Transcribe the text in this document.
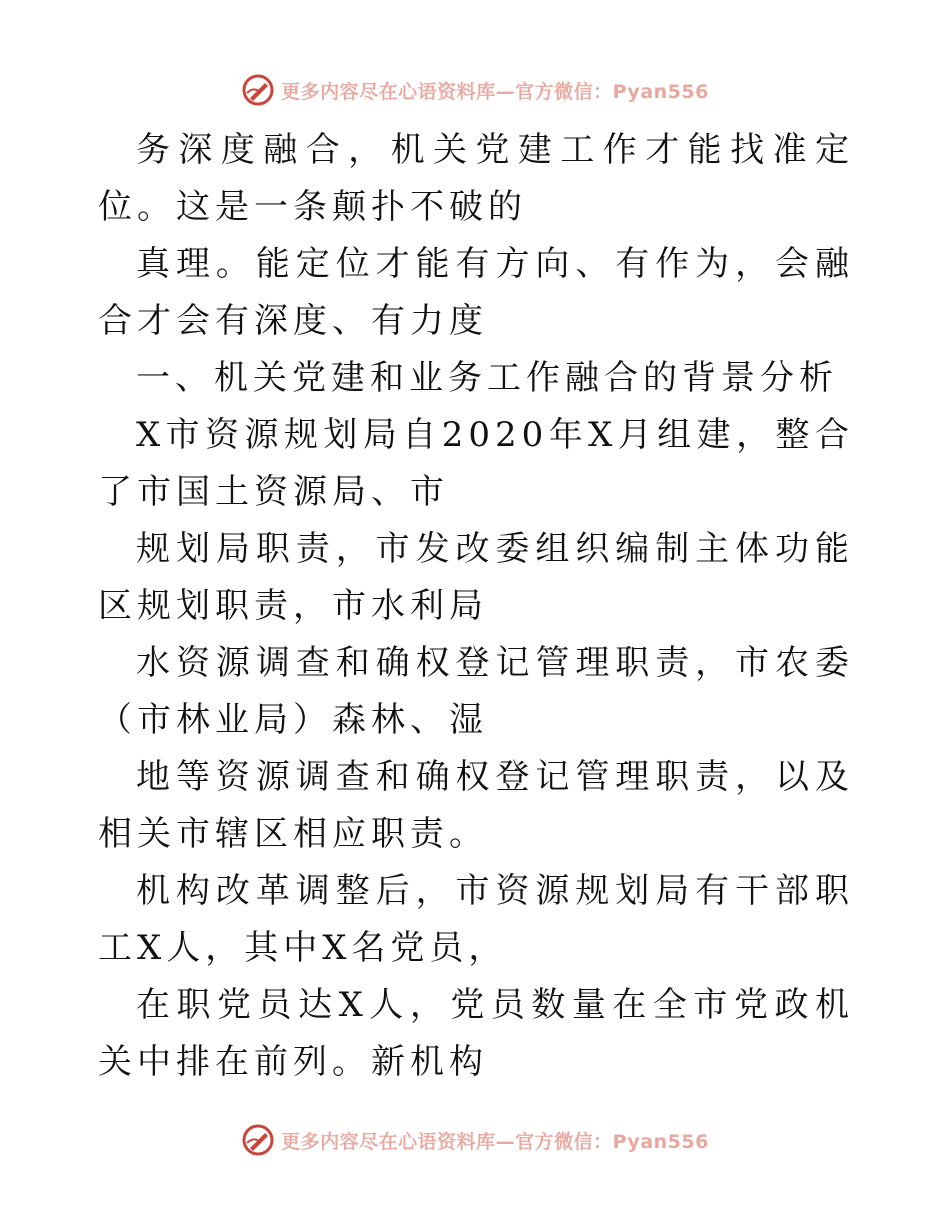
更多内容尽在心语资料库—官方微信：Pyan556

务深度融合，机关党建工作才能找准定位。这是一条颠扑不破的

真理。能定位才能有方向、有作为，会融合才会有深度、有力度

一、机关党建和业务工作融合的背景分析

X市资源规划局自2020年X月组建，整合了市国土资源局、市

规划局职责，市发改委组织编制主体功能区规划职责，市水利局

水资源调查和确权登记管理职责，市农委（市林业局）森林、湿

地等资源调查和确权登记管理职责，以及相关市辖区相应职责。

机构改革调整后，市资源规划局有干部职工X人，其中X名党员，

在职党员达X人，党员数量在全市党政机关中排在前列。新机构

更多内容尽在心语资料库—官方微信：Pyan556
